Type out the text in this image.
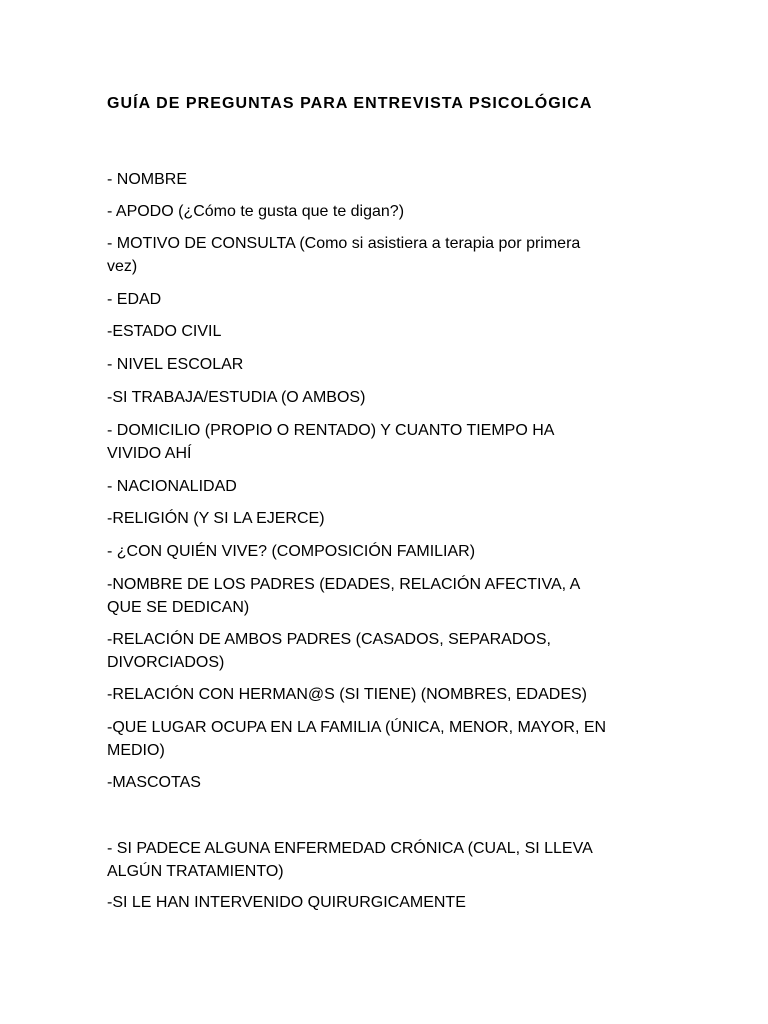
GUÍA DE PREGUNTAS PARA ENTREVISTA PSICOLÓGICA
- NOMBRE
- APODO (¿Cómo te gusta que te digan?)
- MOTIVO DE CONSULTA (Como si asistiera a terapia por primera
vez)
- EDAD
-ESTADO CIVIL
- NIVEL ESCOLAR
-SI TRABAJA/ESTUDIA (O AMBOS)
- DOMICILIO (PROPIO O RENTADO) Y CUANTO TIEMPO HA
VIVIDO AHÍ
- NACIONALIDAD
-RELIGIÓN (Y SI LA EJERCE)
- ¿CON QUIÉN VIVE? (COMPOSICIÓN FAMILIAR)
-NOMBRE DE LOS PADRES (EDADES, RELACIÓN AFECTIVA, A
QUE SE DEDICAN)
-RELACIÓN DE AMBOS PADRES (CASADOS, SEPARADOS,
DIVORCIADOS)
-RELACIÓN CON HERMAN@S (SI TIENE) (NOMBRES, EDADES)
-QUE LUGAR OCUPA EN LA FAMILIA (ÚNICA, MENOR, MAYOR, EN
MEDIO)
-MASCOTAS
- SI PADECE ALGUNA ENFERMEDAD CRÓNICA (CUAL, SI LLEVA
ALGÚN TRATAMIENTO)
-SI LE HAN INTERVENIDO QUIRURGICAMENTE
